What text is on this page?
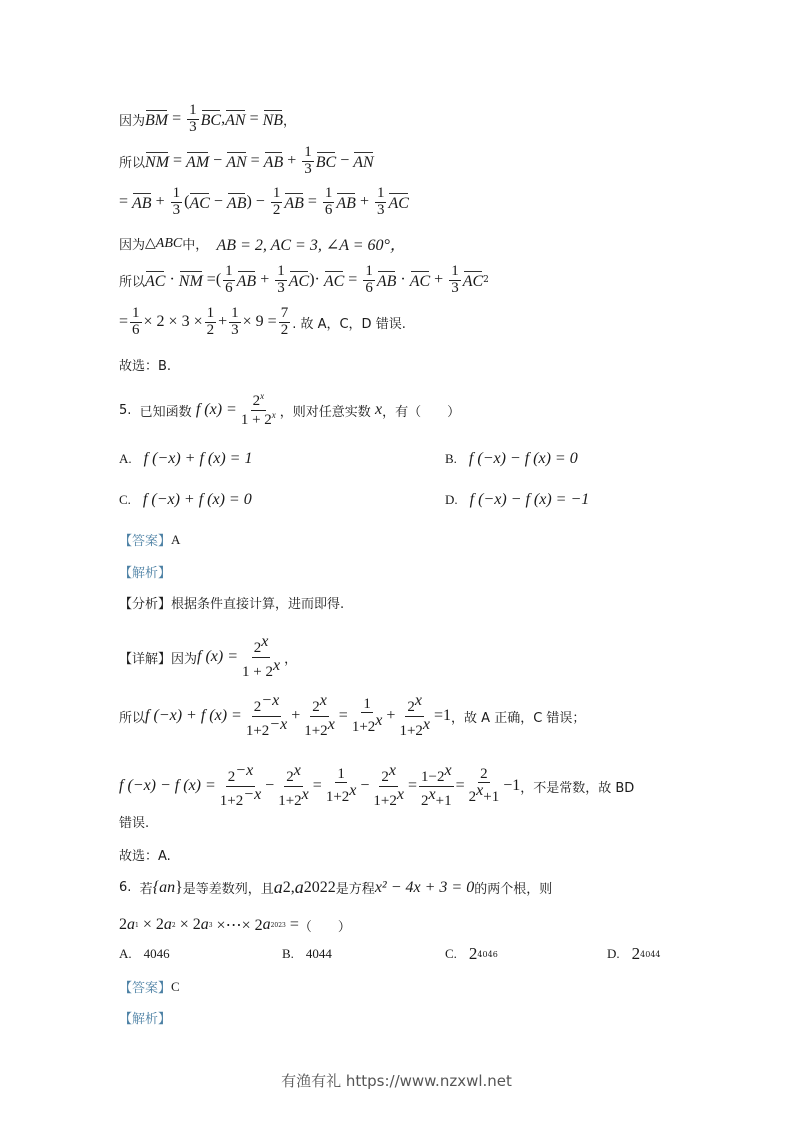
因为 BM = $\frac{1}{3}$ BC , AN = NB ，
所以 NM = AM − AN = AB + $\frac{1}{3}$ BC − AN
= AB + $\frac{1}{3}$ ( AC − AB ) − $\frac{1}{2}$ AB = $\frac{1}{6}$ AB + $\frac{1}{3}$ AC
因为 △ABC 中，
AB = 2, AC = 3, ∠A = 60°，
所以 AC · NM =( $\frac{1}{6}$ AB + $\frac{1}{3}$ AC )· AC = $\frac{1}{6}$ AB · AC + $\frac{1}{3}$ AC 2
= $\frac{1}{6} \times 2 \times 3 \times \frac{1}{2} + \frac{1}{3} \times 9 = \frac{7}{2}$ . 故 A，C，D 错误.
故选：B.
5.
已知函数
f $(x) = \frac{2^x}{1 + 2^x}$ ，则对任意实数
x ，有（　　）
A. f (−x) + f (x) = 1	B. f (−x) − f (x) = 0
C. f (−x) + f (x) = 0	D. f (−x) − f (x) = −1
【答案】 A
【解析】
【分析】 根据条件直接计算，进而即得.
【详解】 因为 f $(x) = \frac{2^x}{1 + 2^x}$ ，
所以 f (−x) + f $(x) = \frac{2^{-x}}{1+2^{-x}} + \frac{2^x}{1+2^x} = \frac{1}{1+2^x} + \frac{2^x}{1+2^x} =1$ ，故 A 正确，C 错误；
f (−x) − f $(x) = \frac{2^{-x}}{1+2^{-x}} - \frac{2^x}{1+2^x} = \frac{1}{1+2^x} - \frac{2^x}{1+2^x} = \frac{1-2^x}{2^x+1} = \frac{2}{2^x+1} -1$ ，不是常数，故 BD
错误.
故选：A.
6.
若 {a n } 是等差数列，且 a 2 , a 2022 是方程 x² − 4x + 3 = 0 的两个根，则
2 a 1 × 2 a 2 × 2 a 3 ×⋯× 2 a 2023 = （　　）
A. 4046	B. 4044	C. 2 4046	D. 2 4044
【答案】 C
【解析】
有渔有礼 https://www.nzxwl.net
